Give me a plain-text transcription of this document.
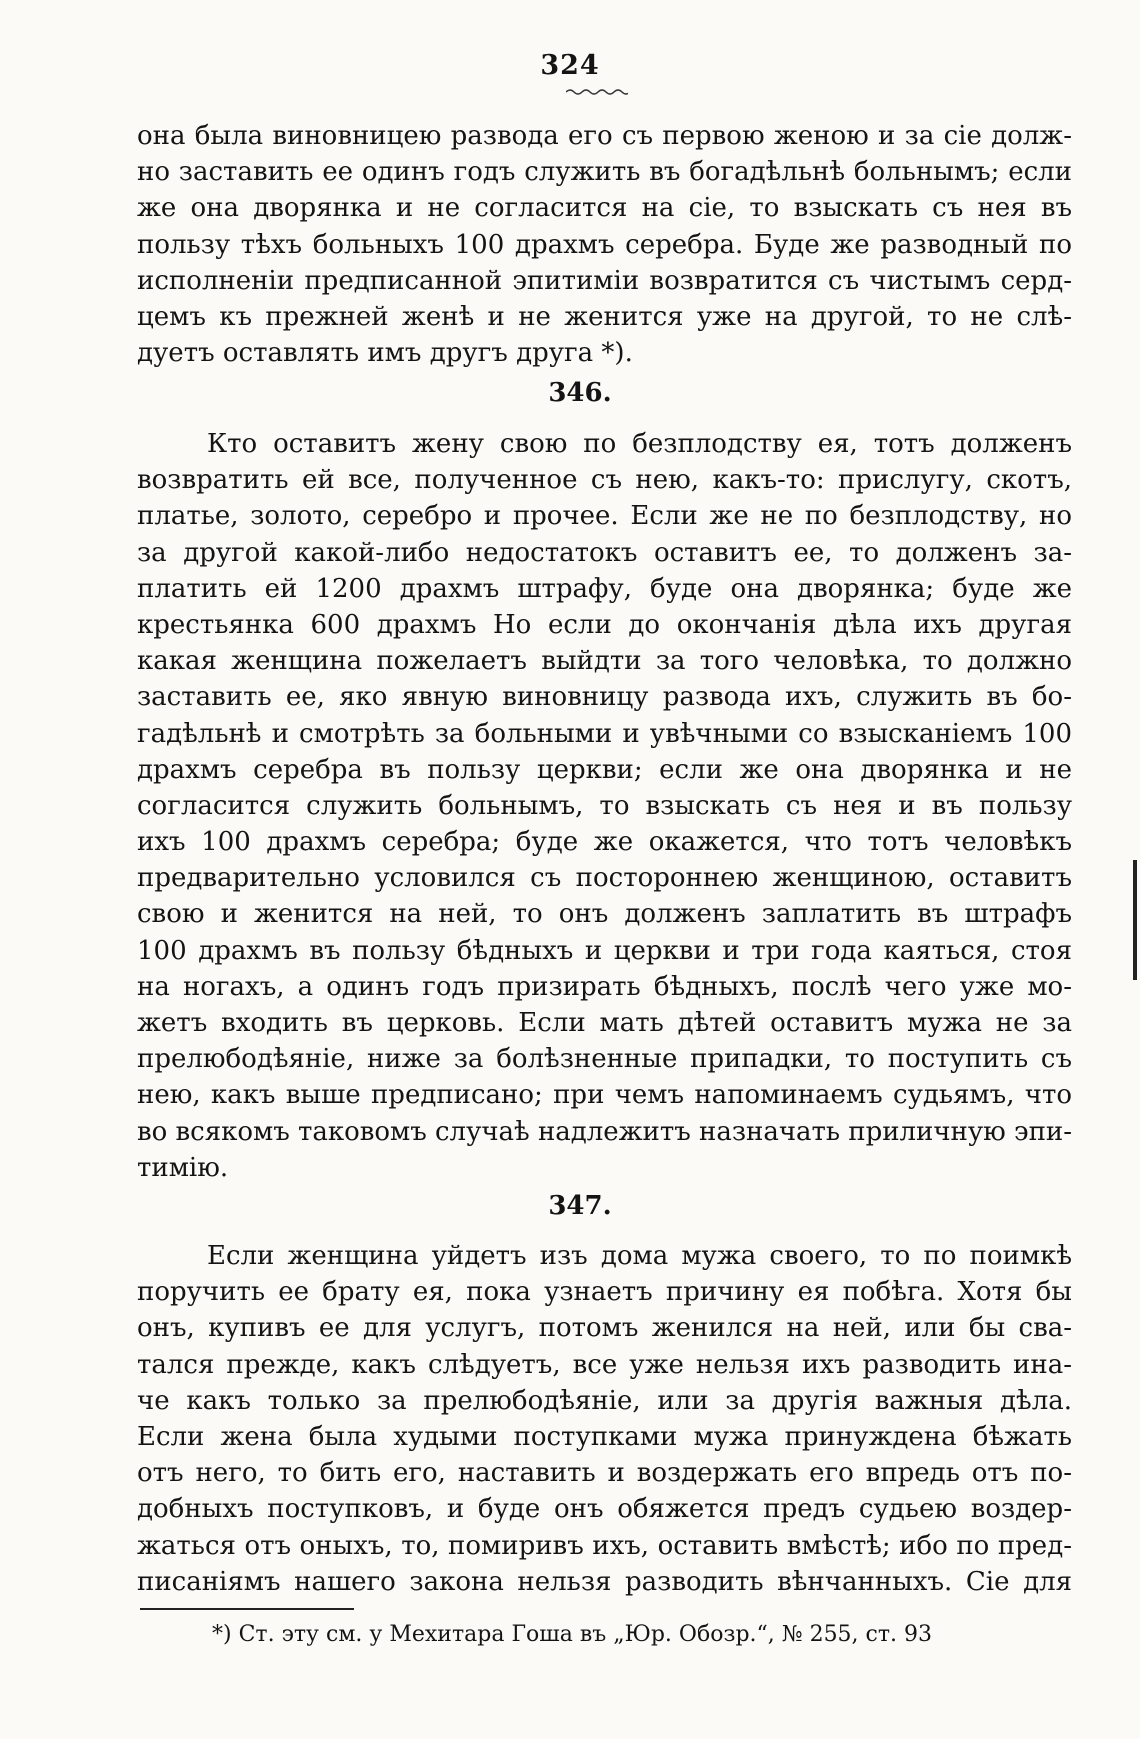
324
она была виновницею развода его съ первою женою и за сіе долж-
но заставить ее одинъ годъ служить въ богадѣльнѣ больнымъ; если
же она дворянка и не согласится на сіе, то взыскать съ нея въ
пользу тѣхъ больныхъ 100 драхмъ серебра. Буде же разводный по
исполненіи предписанной эпитиміи возвратится съ чистымъ серд-
цемъ къ прежней женѣ и не женится уже на другой, то не слѣ-
дуетъ оставлять имъ другъ друга *).
346.
Кто оставитъ жену свою по безплодству ея, тотъ долженъ
возвратить ей все, полученное съ нею, какъ-то: прислугу, скотъ,
платье, золото, серебро и прочее. Если же не по безплодству, но
за другой какой-либо недостатокъ оставитъ ее, то долженъ за-
платить ей 1200 драхмъ штрафу, буде она дворянка; буде же
крестьянка 600 драхмъ Но если до окончанія дѣла ихъ другая
какая женщина пожелаетъ выйдти за того человѣка, то должно
заставить ее, яко явную виновницу развода ихъ, служить въ бо-
гадѣльнѣ и смотрѣть за больными и увѣчными со взысканіемъ 100
драхмъ серебра въ пользу церкви; если же она дворянка и не
согласится служить больнымъ, то взыскать съ нея и въ пользу
ихъ 100 драхмъ серебра; буде же окажется, что тотъ человѣкъ
предварительно условился съ постороннею женщиною, оставитъ
свою и женится на ней, то онъ долженъ заплатить въ штрафъ
100 драхмъ въ пользу бѣдныхъ и церкви и три года каяться, стоя
на ногахъ, а одинъ годъ призирать бѣдныхъ, послѣ чего уже мо-
жетъ входить въ церковь. Если мать дѣтей оставитъ мужа не за
прелюбодѣяніе, ниже за болѣзненные припадки, то поступить съ
нею, какъ выше предписано; при чемъ напоминаемъ судьямъ, что
во всякомъ таковомъ случаѣ надлежитъ назначать приличную эпи-
тимію.
347.
Если женщина уйдетъ изъ дома мужа своего, то по поимкѣ
поручить ее брату ея, пока узнаетъ причину ея побѣга. Хотя бы
онъ, купивъ ее для услугъ, потомъ женился на ней, или бы сва-
тался прежде, какъ слѣдуетъ, все уже нельзя ихъ разводить ина-
че какъ только за прелюбодѣяніе, или за другія важныя дѣла.
Если жена была худыми поступками мужа принуждена бѣжать
отъ него, то бить его, наставить и воздержать его впредь отъ по-
добныхъ поступковъ, и буде онъ обяжется предъ судьею воздер-
жаться отъ оныхъ, то, помиривъ ихъ, оставить вмѣстѣ; ибо по пред-
писаніямъ нашего закона нельзя разводить вѣнчанныхъ. Сіе для
*) Ст. эту см. у Мехитара Гоша въ „Юр. Обозр.“, № 255, ст. 93
